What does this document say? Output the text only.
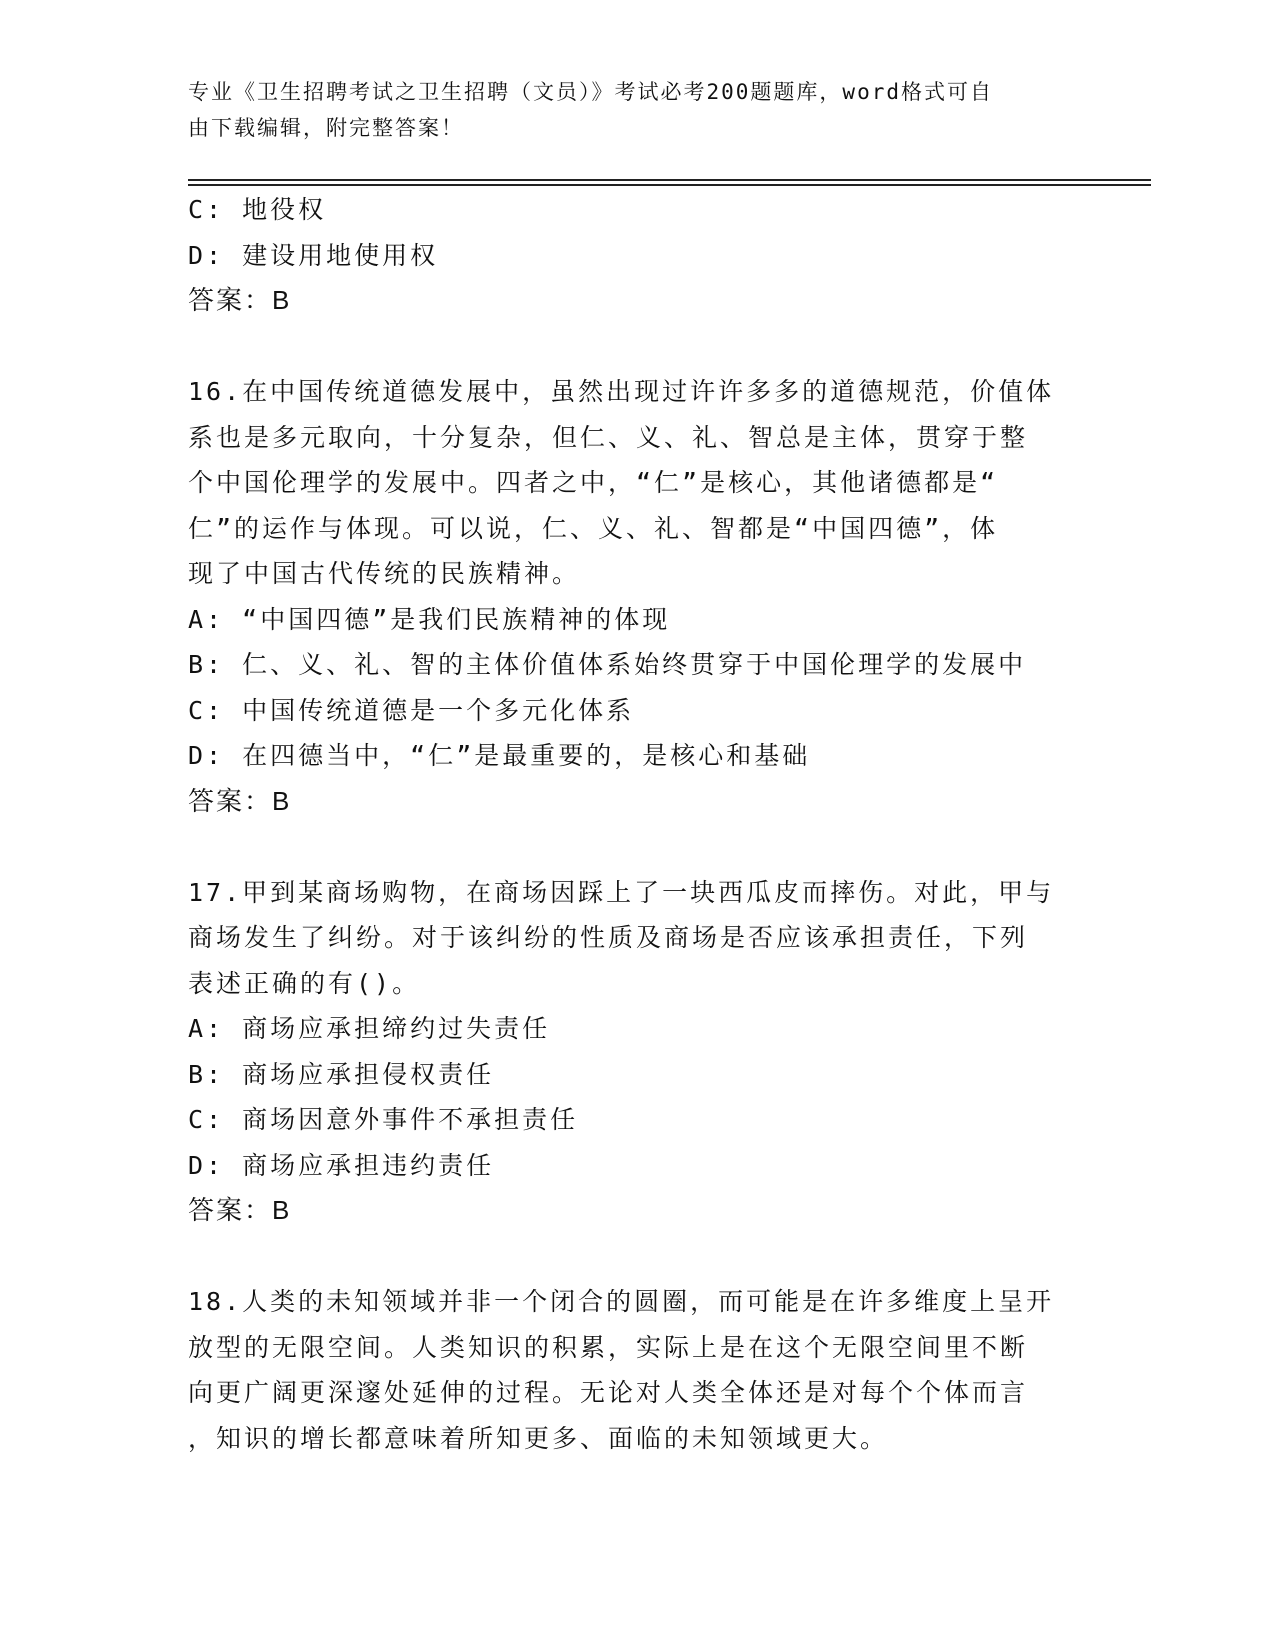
专业《卫生招聘考试之卫生招聘（文员）》考试必考200题题库，word格式可自
由下载编辑，附完整答案！
C: 地役权
D: 建设用地使用权
答案：B
16.在中国传统道德发展中，虽然出现过许许多多的道德规范，价值体
系也是多元取向，十分复杂，但仁、义、礼、智总是主体，贯穿于整
个中国伦理学的发展中。四者之中，“仁”是核心，其他诸德都是“
仁”的运作与体现。可以说，仁、义、礼、智都是“中国四德”，体
现了中国古代传统的民族精神。
A: “中国四德”是我们民族精神的体现
B: 仁、义、礼、智的主体价值体系始终贯穿于中国伦理学的发展中
C: 中国传统道德是一个多元化体系
D: 在四德当中，“仁”是最重要的，是核心和基础
答案：B
17.甲到某商场购物，在商场因踩上了一块西瓜皮而摔伤。对此，甲与
商场发生了纠纷。对于该纠纷的性质及商场是否应该承担责任，下列
表述正确的有()。
A: 商场应承担缔约过失责任
B: 商场应承担侵权责任
C: 商场因意外事件不承担责任
D: 商场应承担违约责任
答案：B
18.人类的未知领域并非一个闭合的圆圈，而可能是在许多维度上呈开
放型的无限空间。人类知识的积累，实际上是在这个无限空间里不断
向更广阔更深邃处延伸的过程。无论对人类全体还是对每个个体而言
，知识的增长都意味着所知更多、面临的未知领域更大。
